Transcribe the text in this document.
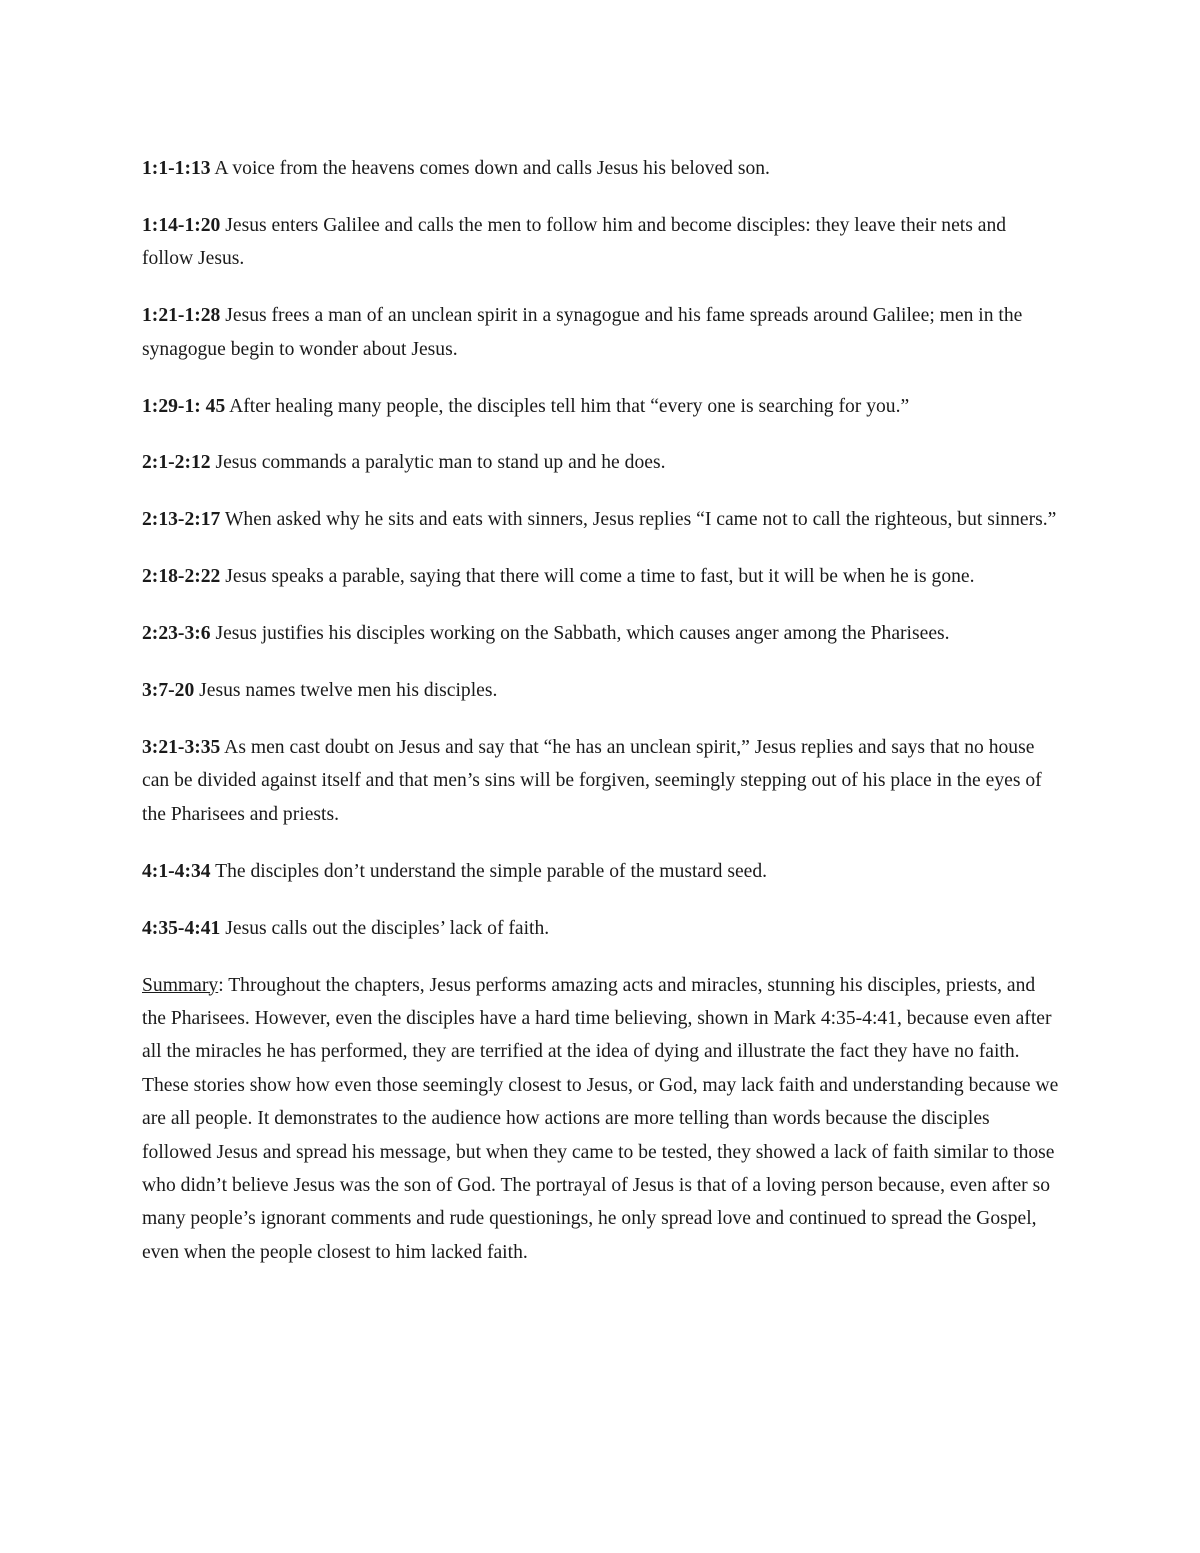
1:1-1:13 A voice from the heavens comes down and calls Jesus his beloved son.

1:14-1:20 Jesus enters Galilee and calls the men to follow him and become disciples: they leave their nets and follow Jesus.

1:21-1:28 Jesus frees a man of an unclean spirit in a synagogue and his fame spreads around Galilee; men in the synagogue begin to wonder about Jesus.

1:29-1: 45 After healing many people, the disciples tell him that “every one is searching for you.”

2:1-2:12 Jesus commands a paralytic man to stand up and he does.

2:13-2:17 When asked why he sits and eats with sinners, Jesus replies “I came not to call the righteous, but sinners.”

2:18-2:22 Jesus speaks a parable, saying that there will come a time to fast, but it will be when he is gone.

2:23-3:6 Jesus justifies his disciples working on the Sabbath, which causes anger among the Pharisees.

3:7-20 Jesus names twelve men his disciples.

3:21-3:35 As men cast doubt on Jesus and say that “he has an unclean spirit,” Jesus replies and says that no house can be divided against itself and that men’s sins will be forgiven, seemingly stepping out of his place in the eyes of the Pharisees and priests.

4:1-4:34 The disciples don’t understand the simple parable of the mustard seed.

4:35-4:41 Jesus calls out the disciples’ lack of faith.

Summary: Throughout the chapters, Jesus performs amazing acts and miracles, stunning his disciples, priests, and the Pharisees. However, even the disciples have a hard time believing, shown in Mark 4:35-4:41, because even after all the miracles he has performed, they are terrified at the idea of dying and illustrate the fact they have no faith. These stories show how even those seemingly closest to Jesus, or God, may lack faith and understanding because we are all people. It demonstrates to the audience how actions are more telling than words because the disciples followed Jesus and spread his message, but when they came to be tested, they showed a lack of faith similar to those who didn’t believe Jesus was the son of God. The portrayal of Jesus is that of a loving person because, even after so many people’s ignorant comments and rude questionings, he only spread love and continued to spread the Gospel, even when the people closest to him lacked faith.
